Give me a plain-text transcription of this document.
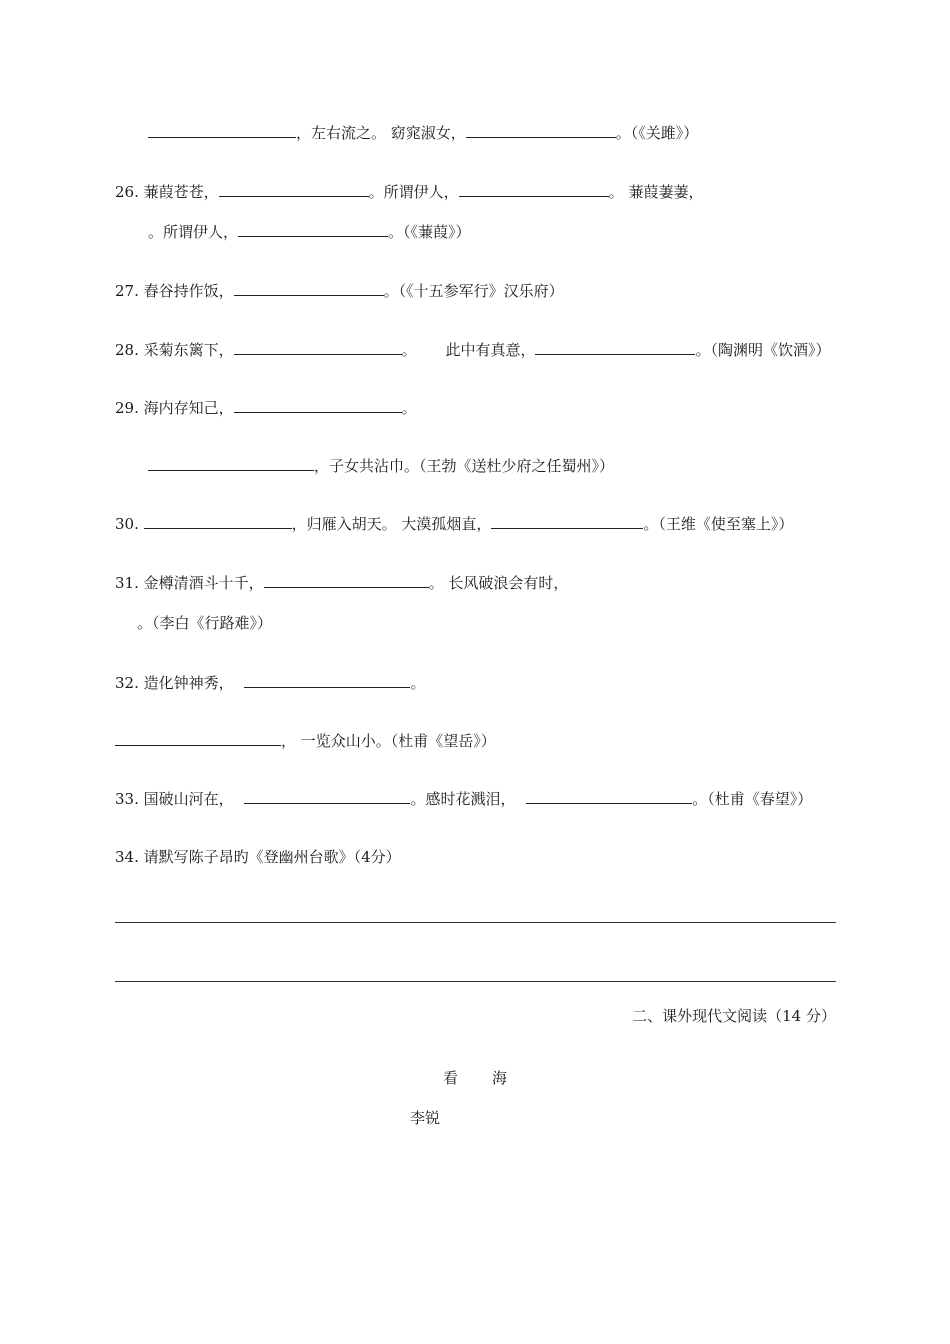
，左右流之。 窈窕淑女，	。（《关雎》）
26. 蒹葭苍苍，	。所谓伊人，	。 蒹葭萋萋，
。所谓伊人，	。（《蒹葭》）
27. 舂谷持作饭，	。（《十五参军行》汉乐府）
28. 采菊东篱下，	。 此中有真意，	。（陶渊明《饮酒》）
29. 海内存知己，	。
，子女共沾巾。（王勃《送杜少府之任蜀州》）
30.	，归雁入胡天。 大漠孤烟直，	。（王维《使至塞上》）
31. 金樽清酒斗十千，	。 长风破浪会有时，
。（李白《行路难》）
32. 造化钟神秀，	。
， 一览众山小。（杜甫《望岳》）
33. 国破山河在，	。感时花溅泪，	。（杜甫《春望》）
34. 请默写陈子昂旳《登幽州台歌》（4分）
二、课外现代文阅读（14 分）
看海
李锐
